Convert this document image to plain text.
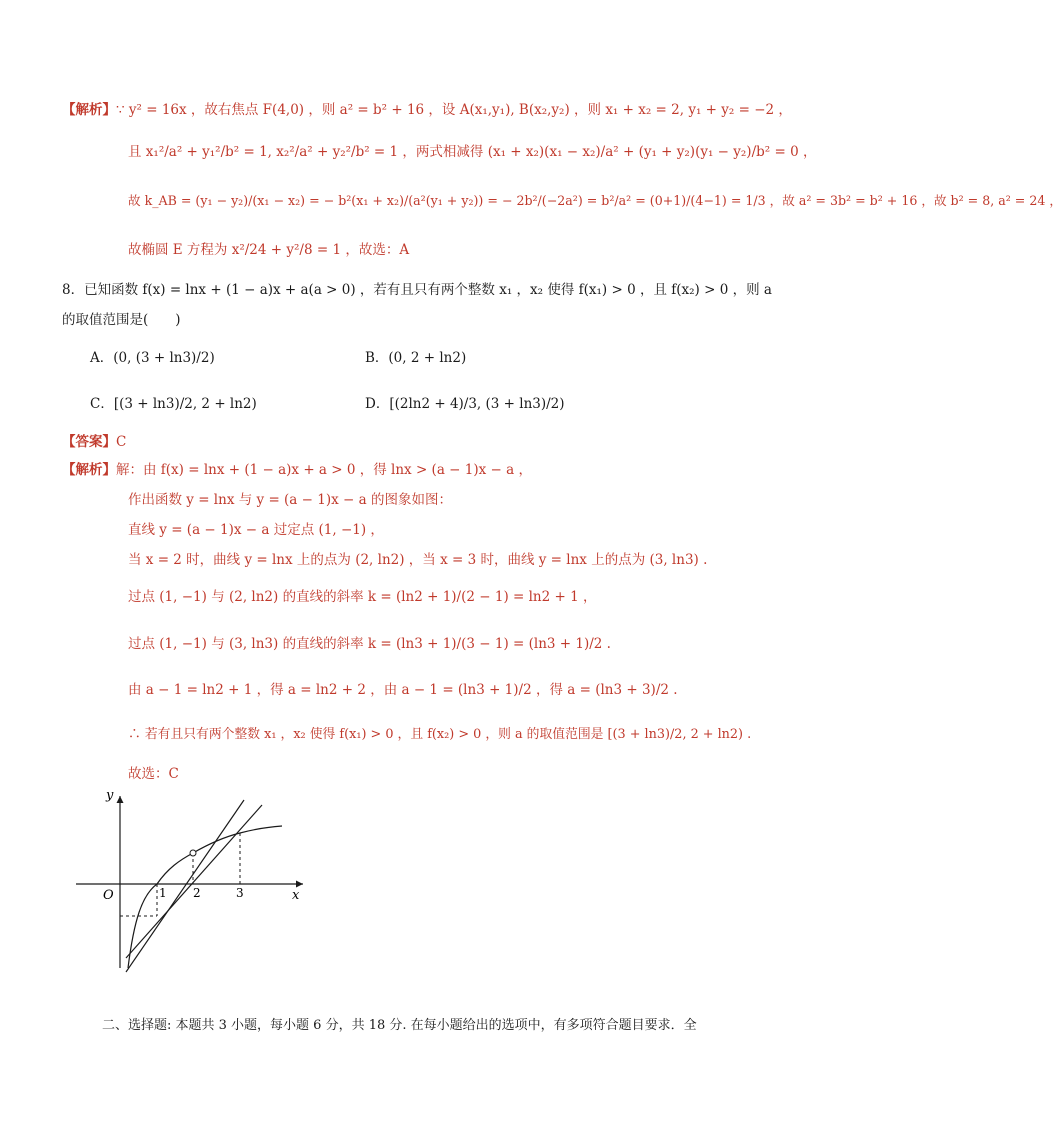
【解析】∵ y² = 16x ，故右焦点 F(4,0) ，则 a² = b² + 16 ，设 A(x₁,y₁), B(x₂,y₂) ，则 x₁ + x₂ = 2, y₁ + y₂ = −2 ，
且 x₁²/a² + y₁²/b² = 1, x₂²/a² + y₂²/b² = 1 ，两式相减得 (x₁ + x₂)(x₁ − x₂)/a² + (y₁ + y₂)(y₁ − y₂)/b² = 0 ，
故 k_AB = (y₁ − y₂)/(x₁ − x₂) = − b²(x₁ + x₂)/(a²(y₁ + y₂)) = − 2b²/(−2a²) = b²/a² = (0+1)/(4−1) = 1/3 ，故 a² = 3b² = b² + 16 ，故 b² = 8, a² = 24 ，
故椭圆 E 方程为 x²/24 + y²/8 = 1 ，故选：A
8．已知函数 f(x) = lnx + (1 − a)x + a(a > 0) ，若有且只有两个整数 x₁ ，x₂ 使得 f(x₁) > 0 ，且 f(x₂) > 0 ，则 a
的取值范围是(　　)
A．(0, (3 + ln3)/2)	B．(0, 2 + ln2)
C．[(3 + ln3)/2, 2 + ln2)	D．[(2ln2 + 4)/3, (3 + ln3)/2)
【答案】C
【解析】解：由 f(x) = lnx + (1 − a)x + a > 0 ，得 lnx > (a − 1)x − a ，
作出函数 y = lnx 与 y = (a − 1)x − a 的图象如图：
直线 y = (a − 1)x − a 过定点 (1, −1) ，
当 x = 2 时，曲线 y = lnx 上的点为 (2, ln2) ，当 x = 3 时，曲线 y = lnx 上的点为 (3, ln3) .
过点 (1, −1) 与 (2, ln2) 的直线的斜率 k = (ln2 + 1)/(2 − 1) = ln2 + 1 ，
过点 (1, −1) 与 (3, ln3) 的直线的斜率 k = (ln3 + 1)/(3 − 1) = (ln3 + 1)/2 .
由 a − 1 = ln2 + 1 ，得 a = ln2 + 2 ，由 a − 1 = (ln3 + 1)/2 ，得 a = (ln3 + 3)/2 .
∴ 若有且只有两个整数 x₁ ，x₂ 使得 f(x₁) > 0 ，且 f(x₂) > 0 ，则 a 的取值范围是 [(3 + ln3)/2, 2 + ln2) .
故选：C
y
x
O	1 2	3
二、选择题: 本题共 3 小题，每小题 6 分，共 18 分. 在每小题给出的选项中，有多项符合题目要求．全
